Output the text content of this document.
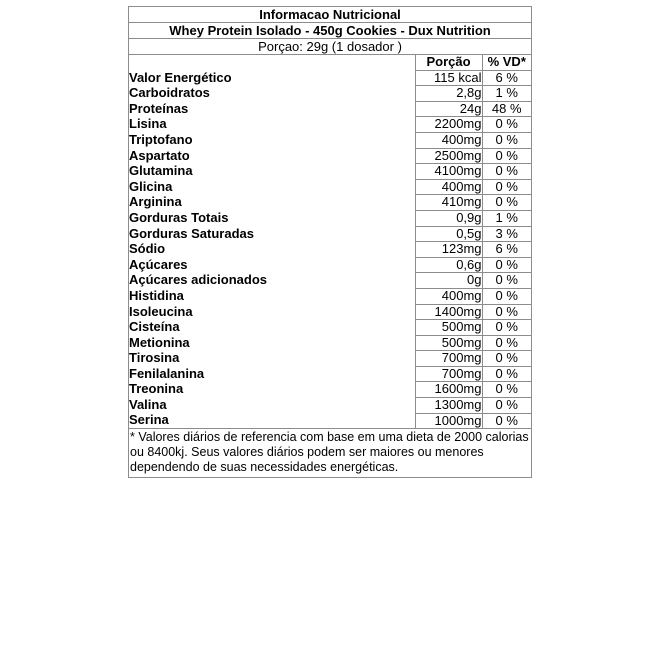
Informacao Nutricional
Whey Protein Isolado - 450g Cookies - Dux Nutrition
Porçao: 29g (1 dosador )
	Porção	% VD*
Valor Energético	115 kcal	6 %
Carboidratos	2,8g	1 %
Proteínas	24g	48 %
Lisina	2200mg	0 %
Triptofano	400mg	0 %
Aspartato	2500mg	0 %
Glutamina	4100mg	0 %
Glicina	400mg	0 %
Arginina	410mg	0 %
Gorduras Totais	0,9g	1 %
Gorduras Saturadas	0,5g	3 %
Sódio	123mg	6 %
Açúcares	0,6g	0 %
Açúcares adicionados	0g	0 %
Histidina	400mg	0 %
Isoleucina	1400mg	0 %
Cisteína	500mg	0 %
Metionina	500mg	0 %
Tirosina	700mg	0 %
Fenilalanina	700mg	0 %
Treonina	1600mg	0 %
Valina	1300mg	0 %
Serina	1000mg	0 %
* Valores diários de referencia com base em uma dieta de 2000 calorias ou 8400kj. Seus valores diários podem ser maiores ou menores dependendo de suas necessidades energéticas.
